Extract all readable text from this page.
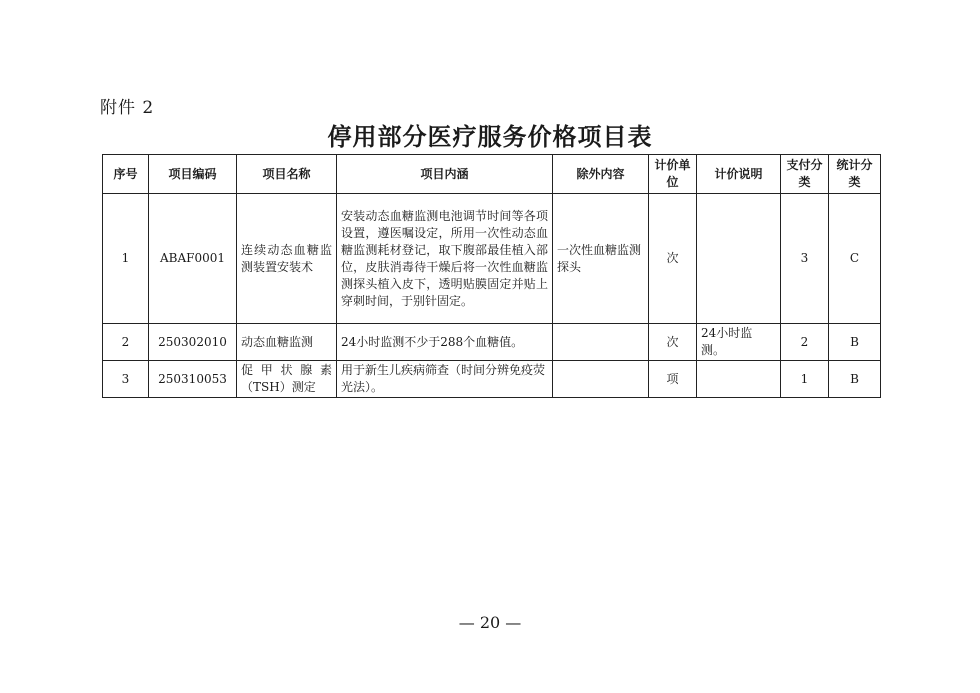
附件 2
停用部分医疗服务价格项目表
序号	项目编码	项目名称	项目内涵	除外内容	计价单位	计价说明	支付分类	统计分类
1	ABAF0001	连续动态血糖监测装置安装术	安装动态血糖监测电池调节时间等各项设置，遵医嘱设定，所用一次性动态血糖监测耗材登记，取下腹部最佳植入部位，皮肤消毒待干燥后将一次性血糖监测探头植入皮下，透明贴膜固定并贴上穿刺时间，于别针固定。	一次性血糖监测探头	次		3	C
2	250302010	动态血糖监测	24小时监测不少于288个血糖值。		次	24小时监测。	2	B
3	250310053	促甲状腺素（TSH）测定	用于新生儿疾病筛查（时间分辨免疫荧光法）。		项		1	B
— 20 —
